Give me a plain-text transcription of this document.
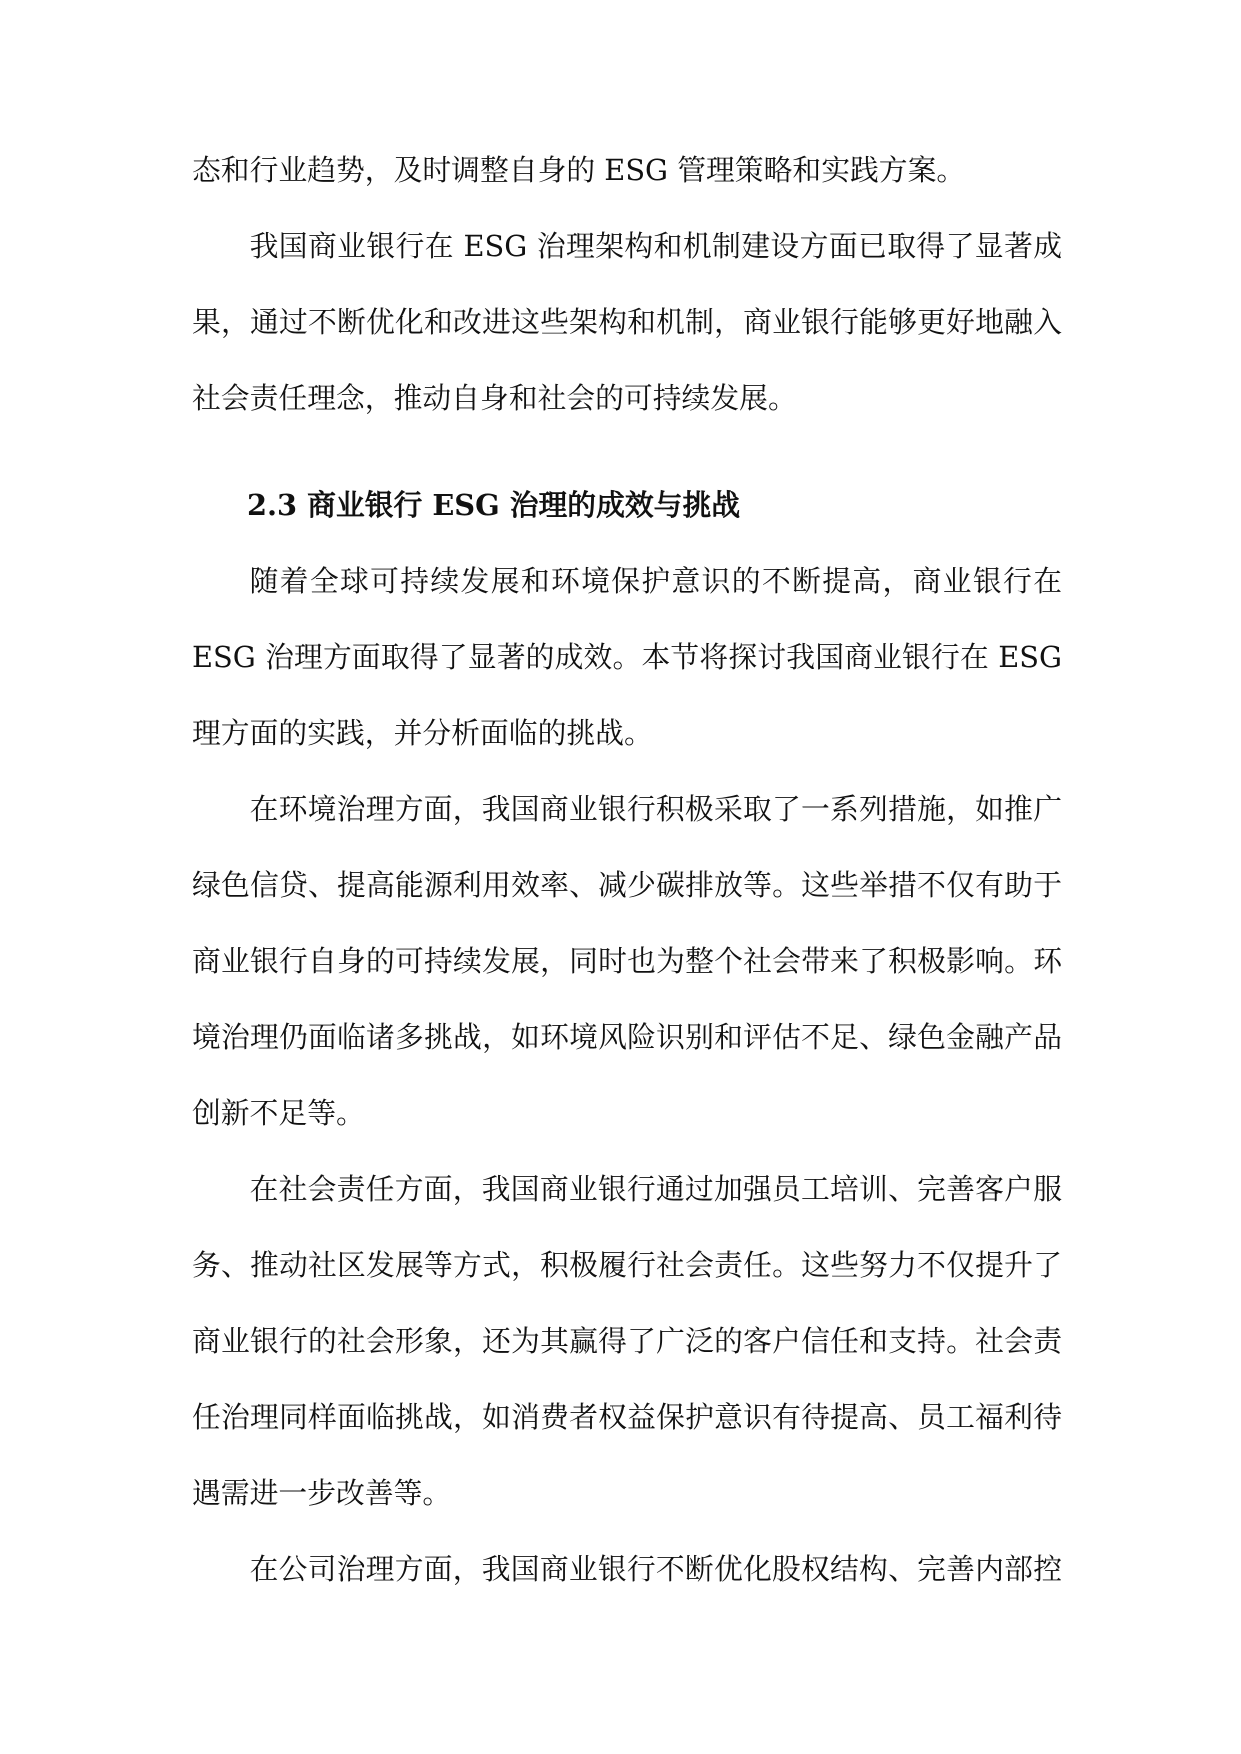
态和行业趋势，及时调整自身的 ESG 管理策略和实践方案。
我国商业银行在 ESG 治理架构和机制建设方面已取得了显著成
果，通过不断优化和改进这些架构和机制，商业银行能够更好地融入
社会责任理念，推动自身和社会的可持续发展。
2.3 商业银行 ESG 治理的成效与挑战
随着全球可持续发展和环境保护意识的不断提高，商业银行在
ESG 治理方面取得了显著的成效。本节将探讨我国商业银行在 ESG
理方面的实践，并分析面临的挑战。
在环境治理方面，我国商业银行积极采取了一系列措施，如推广
绿色信贷、提高能源利用效率、减少碳排放等。这些举措不仅有助于
商业银行自身的可持续发展，同时也为整个社会带来了积极影响。环
境治理仍面临诸多挑战，如环境风险识别和评估不足、绿色金融产品
创新不足等。
在社会责任方面，我国商业银行通过加强员工培训、完善客户服
务、推动社区发展等方式，积极履行社会责任。这些努力不仅提升了
商业银行的社会形象，还为其赢得了广泛的客户信任和支持。社会责
任治理同样面临挑战，如消费者权益保护意识有待提高、员工福利待
遇需进一步改善等。
在公司治理方面，我国商业银行不断优化股权结构、完善内部控
